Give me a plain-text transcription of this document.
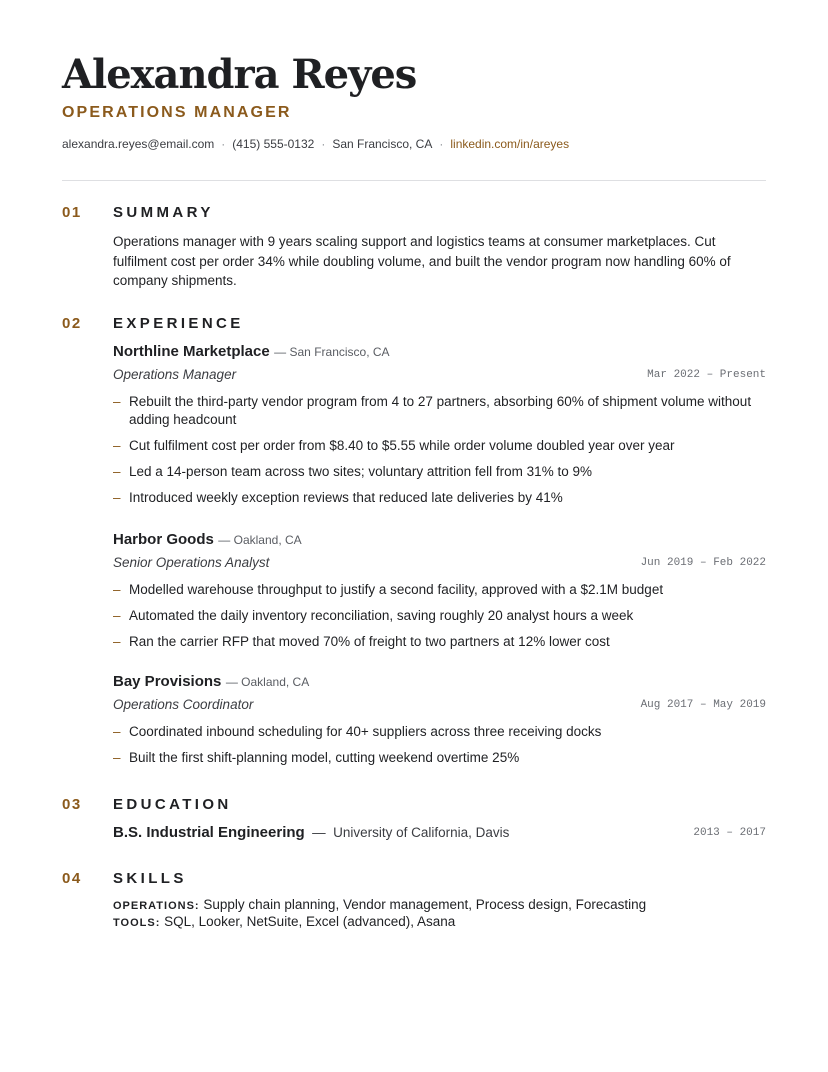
Alexandra Reyes
OPERATIONS MANAGER
alexandra.reyes@email.com · (415) 555-0132 · San Francisco, CA · linkedin.com/in/areyes
01 SUMMARY

Operations manager with 9 years scaling support and logistics teams at consumer marketplaces. Cut fulfilment cost per order 34% while doubling volume, and built the vendor program now handling 60% of company shipments.

02 EXPERIENCE
Northline Marketplace — San Francisco, CA
Operations Manager	Mar 2022 – Present
– Rebuilt the third-party vendor program from 4 to 27 partners, absorbing 60% of shipment volume without adding headcount
– Cut fulfilment cost per order from $8.40 to $5.55 while order volume doubled year over year
– Led a 14-person team across two sites; voluntary attrition fell from 31% to 9%
– Introduced weekly exception reviews that reduced late deliveries by 41%
Harbor Goods — Oakland, CA
Senior Operations Analyst	Jun 2019 – Feb 2022
– Modelled warehouse throughput to justify a second facility, approved with a $2.1M budget
– Automated the daily inventory reconciliation, saving roughly 20 analyst hours a week
– Ran the carrier RFP that moved 70% of freight to two partners at 12% lower cost
Bay Provisions — Oakland, CA
Operations Coordinator	Aug 2017 – May 2019
– Coordinated inbound scheduling for 40+ suppliers across three receiving docks
– Built the first shift-planning model, cutting weekend overtime 25%
03 EDUCATION
B.S. Industrial Engineering — University of California, Davis	2013 – 2017
04 SKILLS
OPERATIONS: Supply chain planning, Vendor management, Process design, Forecasting
TOOLS: SQL, Looker, NetSuite, Excel (advanced), Asana
